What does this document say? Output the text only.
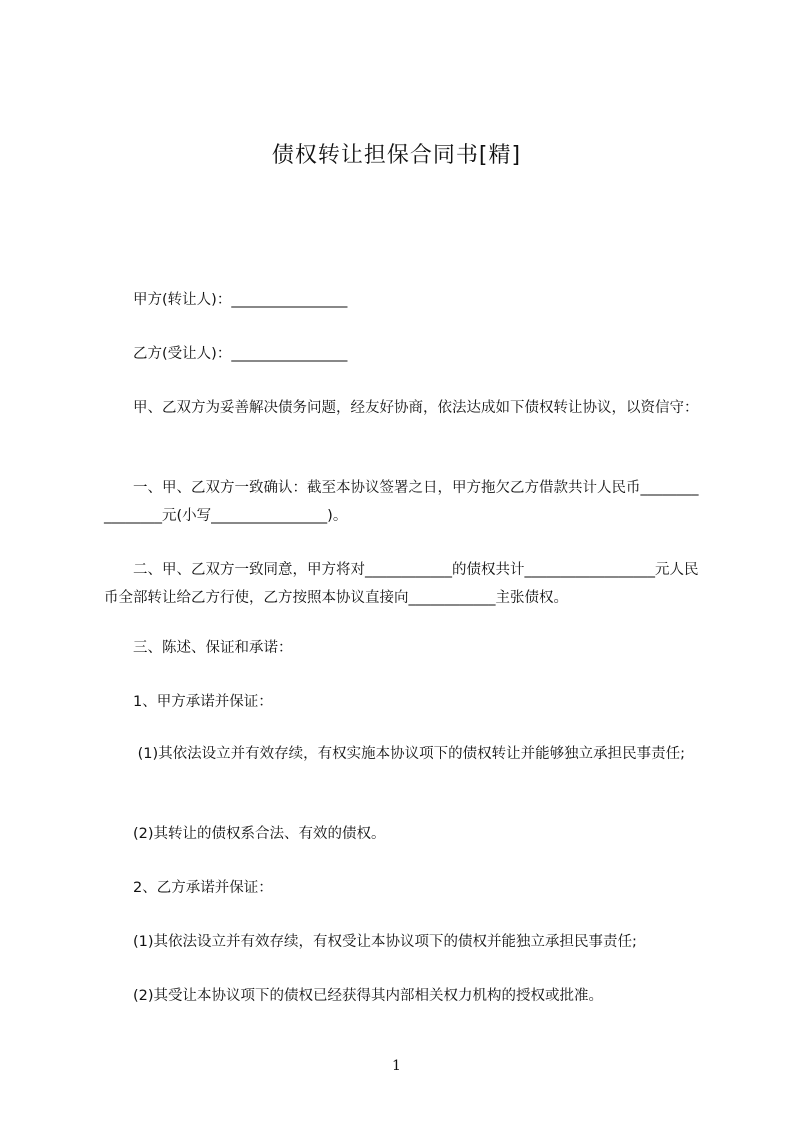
债权转让担保合同书[精]
　　甲方(转让人)：________________
　　乙方(受让人)：________________
　　甲、乙双方为妥善解决债务问题，经友好协商，依法达成如下债权转让协议，以资信守：
　　一、甲、乙双方一致确认：截至本协议签署之日，甲方拖欠乙方借款共计人民币________________元(小写________________)。
　　二、甲、乙双方一致同意，甲方将对____________的债权共计__________________元人民币全部转让给乙方行使，乙方按照本协议直接向____________主张债权。
　　三、陈述、保证和承诺：
　　1、甲方承诺并保证：
　　 (1)其依法设立并有效存续，有权实施本协议项下的债权转让并能够独立承担民事责任;
　　(2)其转让的债权系合法、有效的债权。
　　2、乙方承诺并保证：
　　(1)其依法设立并有效存续，有权受让本协议项下的债权并能独立承担民事责任;
　　(2)其受让本协议项下的债权已经获得其内部相关权力机构的授权或批准。
1
